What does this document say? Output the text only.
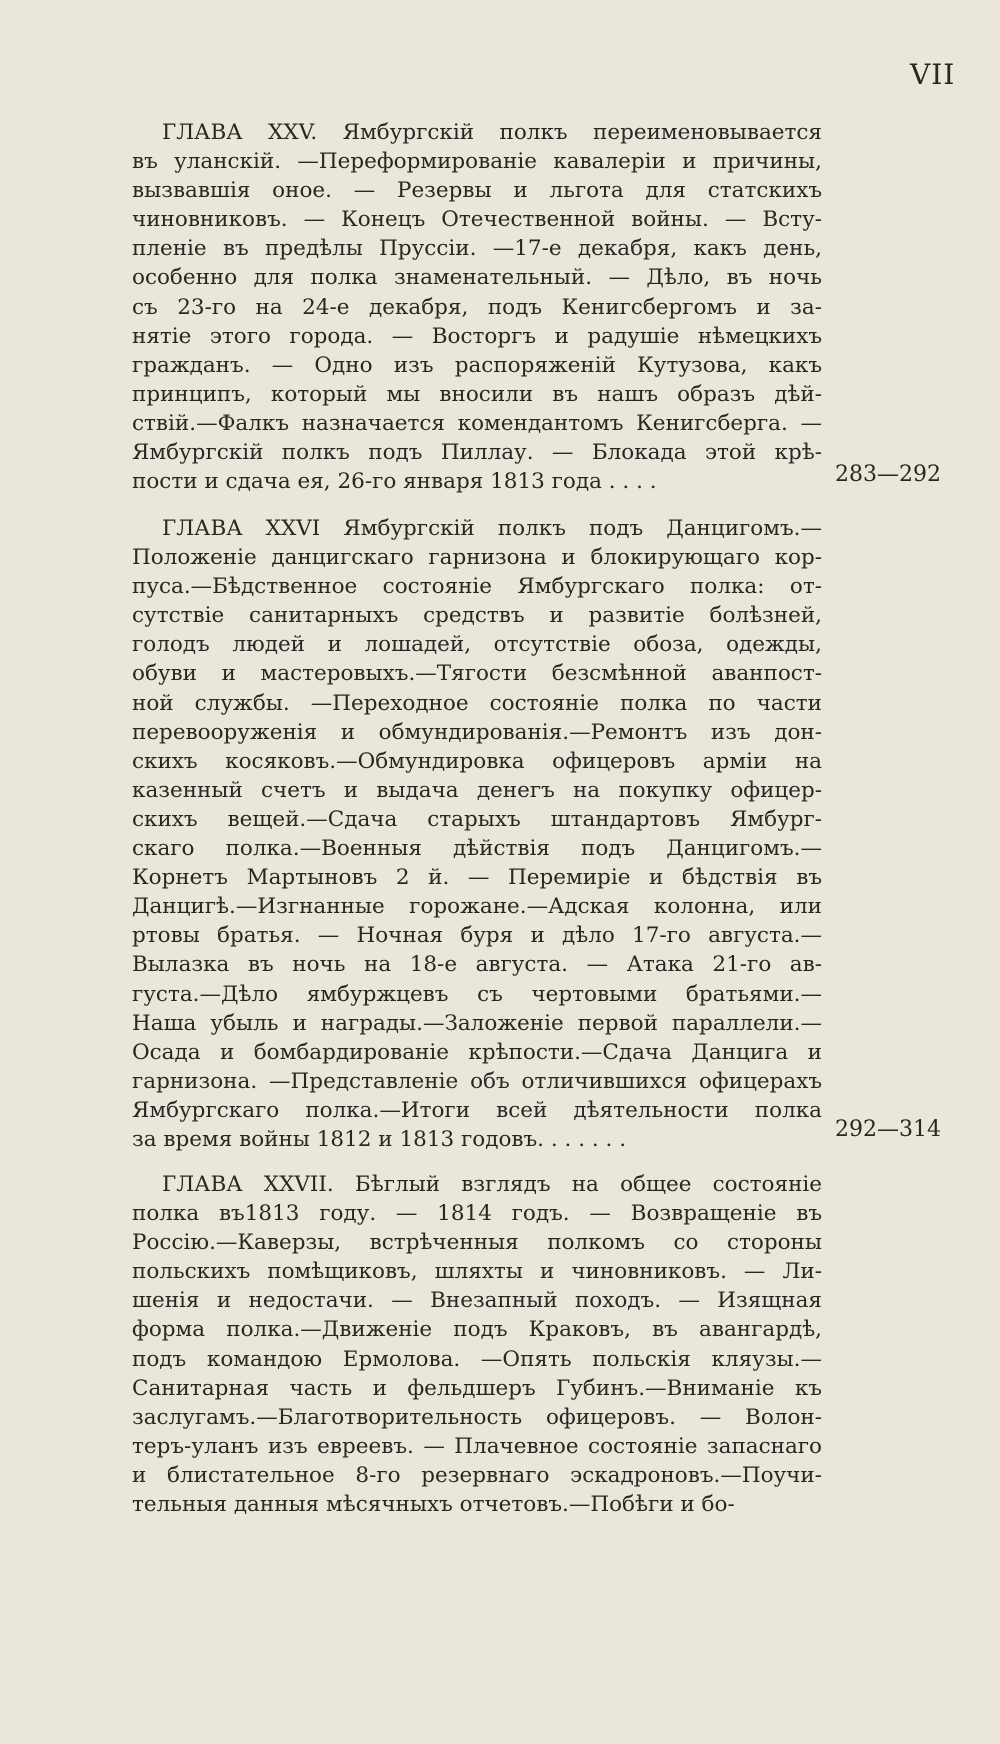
VII

ГЛАВА XXV. Ямбургскій полкъ переименовывается

въ уланскій. —Переформированіе кавалеріи и причины,

вызвавшія оное. — Резервы и льгота для статскихъ

чиновниковъ. — Конецъ Отечественной войны. — Всту-

пленіе въ предѣлы Пруссіи. —17-е декабря, какъ день,

особенно для полка знаменательный. — Дѣло, въ ночь

съ 23-го на 24-е декабря, подъ Кенигсбергомъ и за-

нятіе этого города. — Восторгъ и радушіе нѣмецкихъ

гражданъ. — Одно изъ распоряженій Кутузова, какъ

принципъ, который мы вносили въ нашъ образъ дѣй-

ствій.—Фалкъ назначается комендантомъ Кенигсберга. —

Ямбургскій полкъ подъ Пиллау. — Блокада этой крѣ-

пости и сдача ея, 26-го января 1813 года . . . .	283—292

ГЛАВА XXVI Ямбургскій полкъ подъ Данцигомъ.—

Положеніе данцигскаго гарнизона и блокирующаго кор-

пуса.—Бѣдственное состояніе Ямбургскаго полка: от-

сутствіе санитарныхъ средствъ и развитіе болѣзней,

голодъ людей и лошадей, отсутствіе обоза, одежды,

обуви и мастеровыхъ.—Тягости безсмѣнной аванпост-

ной службы. —Переходное состояніе полка по части

перевооруженія и обмундированія.—Ремонтъ изъ дон-

скихъ косяковъ.—Обмундировка офицеровъ арміи на

казенный счетъ и выдача денегъ на покупку офицер-

скихъ вещей.—Сдача старыхъ штандартовъ Ямбург-

скаго полка.—Военныя дѣйствія подъ Данцигомъ.—

Корнетъ Мартыновъ 2 й. — Перемиріе и бѣдствія въ

Данцигѣ.—Изгнанные горожане.—Адская колонна, или

ртовы братья. — Ночная буря и дѣло 17-го августа.—

Вылазка въ ночь на 18-е августа. — Атака 21-го ав-

густа.—Дѣло ямбуржцевъ съ чертовыми братьями.—

Наша убыль и награды.—Заложеніе первой параллели.—

Осада и бомбардированіе крѣпости.—Сдача Данцига и

гарнизона. —Представленіе объ отличившихся офицерахъ

Ямбургскаго полка.—Итоги всей дѣятельности полка

за время войны 1812 и 1813 годовъ. . . . . . .	292—314

ГЛАВА XXVII. Бѣглый взглядъ на общее состояніе

полка въ1813 году. — 1814 годъ. — Возвращеніе въ

Россію.—Каверзы, встрѣченныя полкомъ со стороны

польскихъ помѣщиковъ, шляхты и чиновниковъ. — Ли-

шенія и недостачи. — Внезапный походъ. — Изящная

форма полка.—Движеніе подъ Краковъ, въ авангардѣ,

подъ командою Ермолова. —Опять польскія кляузы.—

Санитарная часть и фельдшеръ Губинъ.—Вниманіе къ

заслугамъ.—Благотворительность офицеровъ. — Волон-

теръ-уланъ изъ евреевъ. — Плачевное состояніе запаснаго

и блистательное 8-го резервнаго эскадроновъ.—Поучи-

тельныя данныя мѣсячныхъ отчетовъ.—Побѣги и бо-
